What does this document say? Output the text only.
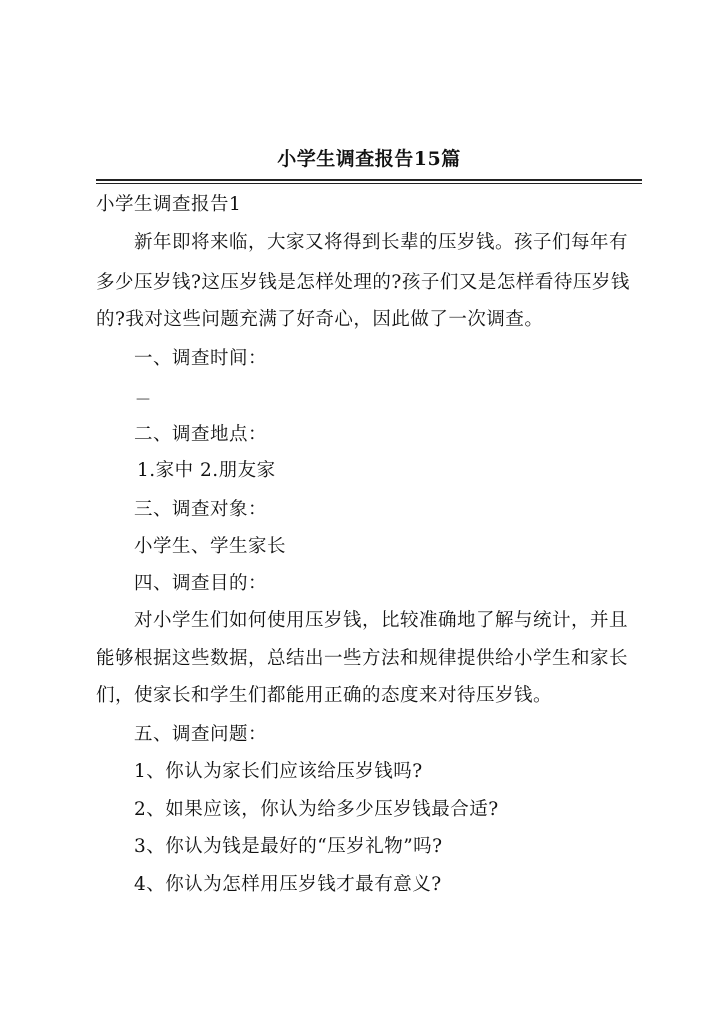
小学生调查报告15篇
小学生调查报告1
新年即将来临，大家又将得到长辈的压岁钱。孩子们每年有
多少压岁钱?这压岁钱是怎样处理的?孩子们又是怎样看待压岁钱
的?我对这些问题充满了好奇心，因此做了一次调查。
一、调查时间：
—
二、调查地点：
1.家中 2.朋友家
三、调查对象：
小学生、学生家长
四、调查目的：
对小学生们如何使用压岁钱，比较准确地了解与统计，并且
能够根据这些数据，总结出一些方法和规律提供给小学生和家长
们，使家长和学生们都能用正确的态度来对待压岁钱。
五、调查问题：
1、你认为家长们应该给压岁钱吗?
2、如果应该，你认为给多少压岁钱最合适?
3、你认为钱是最好的“压岁礼物”吗?
4、你认为怎样用压岁钱才最有意义?
